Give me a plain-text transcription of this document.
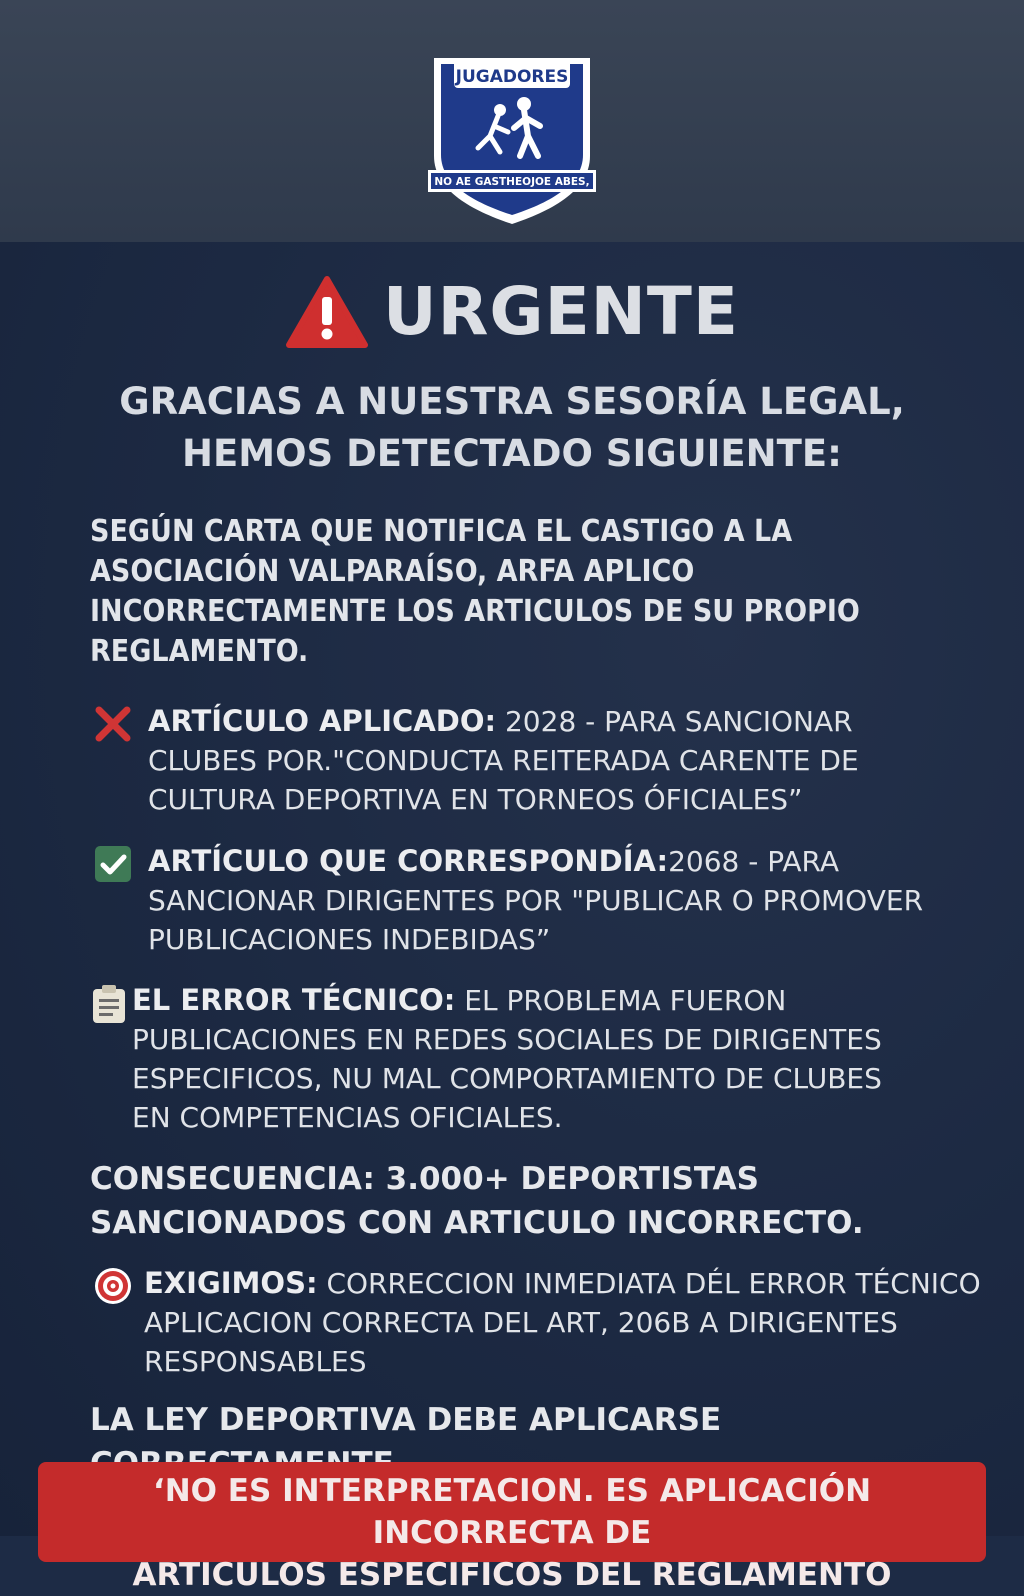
JUGADORES
NO AE GASTHEOJOE ABES,
URGENTE
GRACIAS A NUESTRA SESORÍA LEGAL,
HEMOS DETECTADO SIGUIENTE:
SEGÚN CARTA QUE NOTIFICA EL CASTIGO A LA
ASOCIACIÓN VALPARAÍSO, ARFA APLICO
INCORRECTAMENTE LOS ARTICULOS DE SU PROPIO
REGLAMENTO.
ARTÍCULO APLICADO: 2028 - PARA SANCIONAR
CLUBES POR."CONDUCTA REITERADA CARENTE DE
CULTURA DEPORTIVA EN TORNEOS ÓFICIALES”
ARTÍCULO QUE CORRESPONDÍA:2068 - PARA
SANCIONAR DIRIGENTES POR "PUBLICAR O PROMOVER
PUBLICACIONES INDEBIDAS”
EL ERROR TÉCNICO: EL PROBLEMA FUERON
PUBLICACIONES EN REDES SOCIALES DE DIRIGENTES
ESPECIFICOS, NU MAL COMPORTAMIENTO DE CLUBES
EN COMPETENCIAS OFICIALES.
CONSECUENCIA: 3.000+ DEPORTISTAS
SANCIONADOS CON ARTICULO INCORRЕCTO.
EXIGIMOS: CORRECCION INMEDIATA DÉL ERROR TÉCNICO
APLICACION CORRECTA DEL ART, 206B A DIRIGENTES
RESPONSABLES
LA LEY DEPORTIVA DEBE APLICARSE
‘NO ES INTERPRETACION. ES APLICACIÓN INCORRECTA DE
ARTICULOS ESPECIFICOS DEL REGLAMENTO
